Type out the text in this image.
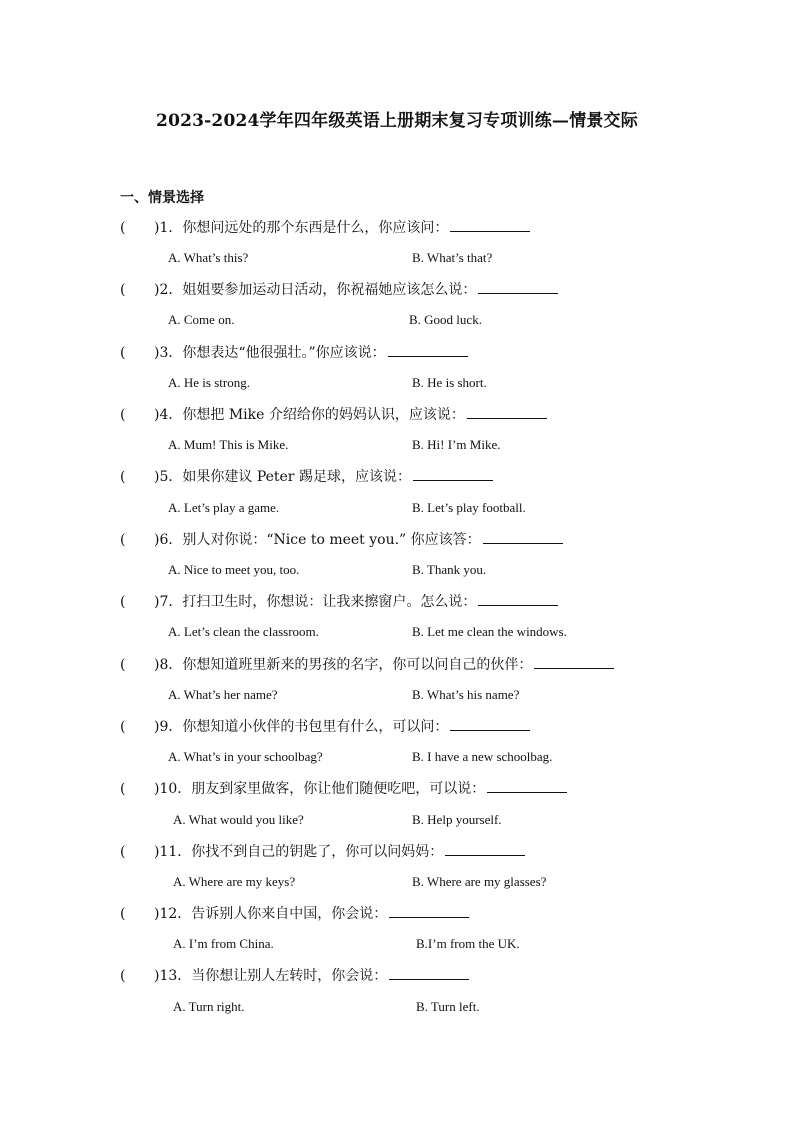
2023-2024学年四年级英语上册期末复习专项训练—情景交际
一、情景选择
(　　)1．你想问远处的那个东西是什么，你应该问：
A. What’s this?	B. What’s that?
(　　)2．姐姐要参加运动日活动，你祝福她应该怎么说：
A. Come on.	B. Good luck.
(　　)3．你想表达“他很强壮。”你应该说：
A. He is strong.	B. He is short.
(　　)4．你想把 Mike 介绍给你的妈妈认识，应该说：
A. Mum! This is Mike.	B. Hi! I’m Mike.
(　　)5．如果你建议 Peter 踢足球，应该说：
A. Let’s play a game.	B. Let’s play football.
(　　)6．别人对你说：“Nice to meet you.” 你应该答：
A. Nice to meet you, too.	B. Thank you.
(　　)7．打扫卫生时，你想说：让我来擦窗户。怎么说：
A. Let’s clean the classroom.	B. Let me clean the windows.
(　　)8．你想知道班里新来的男孩的名字，你可以问自己的伙伴：
A. What’s her name?	B. What’s his name?
(　　)9．你想知道小伙伴的书包里有什么，可以问：
A. What’s in your schoolbag?	B. I have a new schoolbag.
(　　)10．朋友到家里做客，你让他们随便吃吧，可以说：
A. What would you like?	B. Help yourself.
(　　)11．你找不到自己的钥匙了，你可以问妈妈：
A. Where are my keys?	B. Where are my glasses?
(　　)12．告诉别人你来自中国，你会说：
A. I’m from China.	B.I’m from the UK.
(　　)13．当你想让别人左转时，你会说：
A. Turn right.	B. Turn left.
